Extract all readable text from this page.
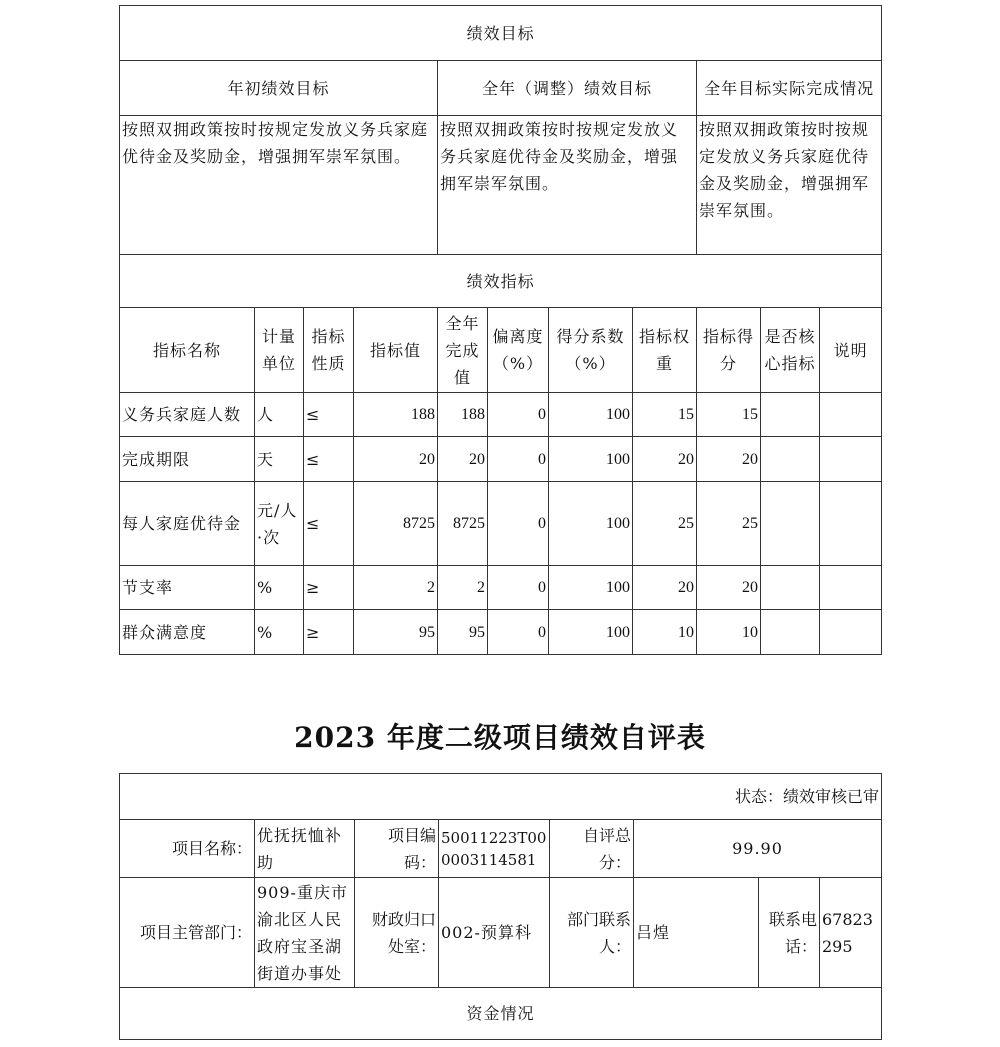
绩效目标										
年初绩效目标				全年（调整）绩效目标				全年目标实际完成情况		
按照双拥政策按时按规定发放义务兵家庭优待金及奖励金，增强拥军崇军氛围。				按照双拥政策按时按规定发放义务兵家庭优待金及奖励金，增强拥军崇军氛围。				按照双拥政策按时按规定发放义务兵家庭优待金及奖励金，增强拥军崇军氛围。		
绩效指标										
指标名称	计量单位	指标性质	指标值	全年完成值	偏离度（%）	得分系数（%）	指标权重	指标得分	是否核心指标	说明
义务兵家庭人数	人	≤	188	188	0	100	15	15		
完成期限	天	≤	20	20	0	100	20	20		
每人家庭优待金	元/人·次	≤	8725	8725	0	100	25	25		
节支率	%	≥	2	2	0	100	20	20		
群众满意度	%	≥	95	95	0	100	10	10		
2023 年度二级项目绩效自评表
状态：绩效审核已审							
项目名称：	优抚抚恤补助	项目编码：	50011223T000003114581	自评总分：	99.90		
项目主管部门：	909-重庆市渝北区人民政府宝圣湖街道办事处	财政归口处室：	002-预算科	部门联系人：	吕煌	联系电话：	67823295
资金情况							
